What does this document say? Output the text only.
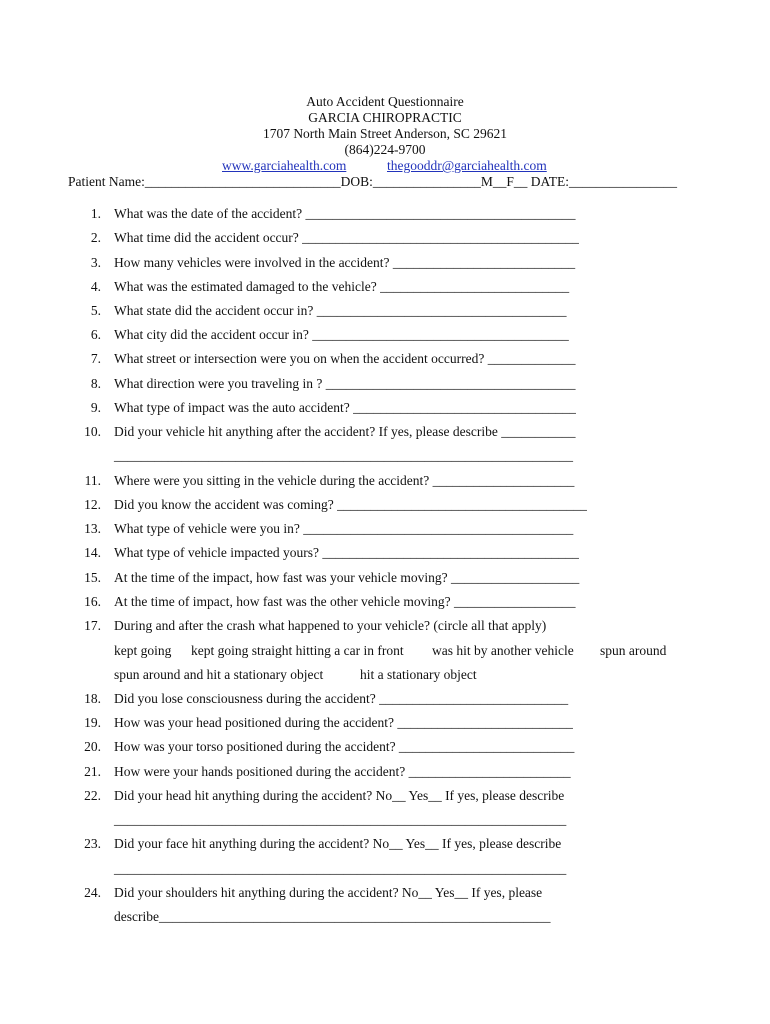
Auto Accident Questionnaire
GARCIA CHIROPRACTIC
1707 North Main Street Anderson, SC 29621
(864)224-9700
www.garciahealth.com	thegooddr@garciahealth.com
Patient Name:_____________________________DOB:________________M__F__ DATE:________________
1. What was the date of the accident? ________________________________________
2. What time did the accident occur? _________________________________________
3. How many vehicles were involved in the accident? ___________________________
4. What was the estimated damaged to the vehicle? ____________________________
5. What state did the accident occur in? _____________________________________
6. What city did the accident occur in? ______________________________________
7. What street or intersection were you on when the accident occurred? _____________
8. What direction were you traveling in ? _____________________________________
9. What type of impact was the auto accident? _________________________________
10. Did your vehicle hit anything after the accident? If yes, please describe ___________
____________________________________________________________________
11. Where were you sitting in the vehicle during the accident? _____________________
12. Did you know the accident was coming? _____________________________________
13. What type of vehicle were you in? ________________________________________
14. What type of vehicle impacted yours? ______________________________________
15. At the time of the impact, how fast was your vehicle moving? ___________________
16. At the time of impact, how fast was the other vehicle moving? __________________
17. During and after the crash what happened to your vehicle? (circle all that apply)
kept going kept going straight hitting a car in front was hit by another vehicle spun around
spun around and hit a stationary object	hit a stationary object
18. Did you lose consciousness during the accident? ____________________________
19. How was your head positioned during the accident? __________________________
20. How was your torso positioned during the accident? __________________________
21. How were your hands positioned during the accident? ________________________
22. Did your head hit anything during the accident? No__ Yes__ If yes, please describe
___________________________________________________________________
23. Did your face hit anything during the accident? No__ Yes__ If yes, please describe
___________________________________________________________________
24. Did your shoulders hit anything during the accident? No__ Yes__ If yes, please
describe__________________________________________________________
